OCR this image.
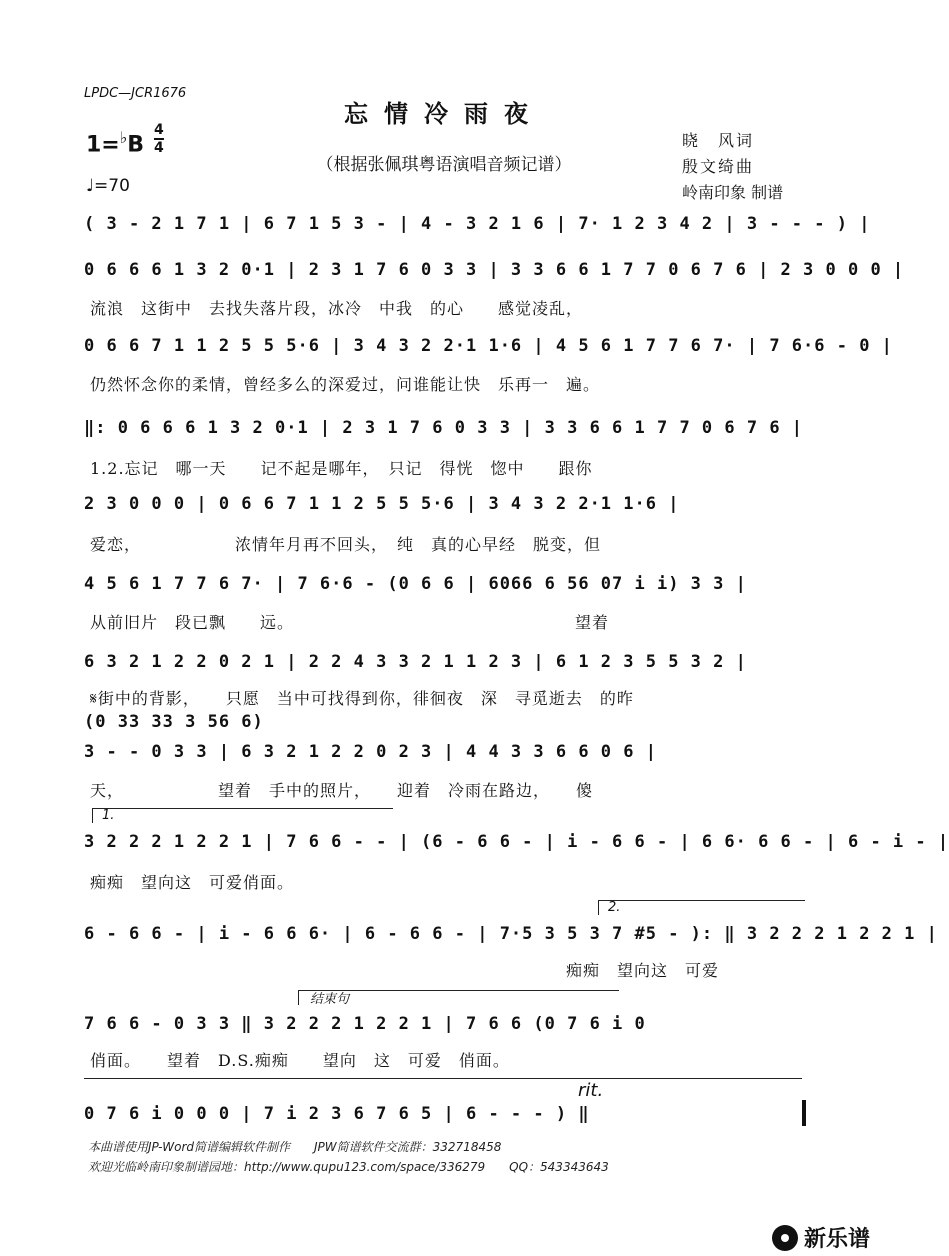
LPDC—JCR1676
忘情冷雨夜
（根据张佩琪粤语演唱音频记谱）
1=♭B
4
4
♩=70
晓　风词
殷文绮曲
岭南印象 制谱
( 3 - 2 1 7 1 | 6 7 1 5 3 - | 4 - 3 2 1 6 | 7· 1 2 3 4 2 | 3 - - - ) |
0 6 6 6 1 3 2 0·1 | 2 3 1 7 6 0 3 3 | 3 3 6 6 1 7 7 0 6 7 6 | 2 3 0 0 0 |
流浪　这街中　去找失落片段，冰冷　中我　的心　　感觉凌乱，
0 6 6 7 1 1 2 5 5 5·6 | 3 4 3 2 2·1 1·6 | 4 5 6 1 7 7 6 7· | 7 6·6 - 0 |
仍然怀念你的柔情，曾经多么的深爱过，问谁能让快　乐再一　遍。
‖: 0 6 6 6 1 3 2 0·1 | 2 3 1 7 6 0 3 3 | 3 3 6 6 1 7 7 0 6 7 6 |
1.2.忘记　哪一天　　记不起是哪年，　只记　得恍　惚中　　跟你
2 3 0 0 0 | 0 6 6 7 1 1 2 5 5 5·6 | 3 4 3 2 2·1 1·6 |
爱恋，　　　　　　浓情年月再不回头，　纯　真的心早经　脱变，但
4 5 6 1 7 7 6 7· | 7 6·6 - (0 6 6 | 6066 6 56 07 i i) 3 3 |
从前旧片　段已飘　　远。　　　　　　　　　　　　　　　　　望着
6 3 2 1 2 2 0 2 1 | 2 2 4 3 3 2 1 1 2 3 | 6 1 2 3 5 5 3 2 |
𝄋街中的背影，　　只愿　当中可找得到你，徘徊夜　深　寻觅逝去　的昨
(0 33 33 3 56 6)
3 - - 0 3 3 | 6 3 2 1 2 2 0 2 3 | 4 4 3 3 6 6 0 6 |
天，　　　　　　望着　手中的照片，　　迎着　冷雨在路边，　　傻
1.
3 2 2 2 1 2 2 1 | 7 6 6 - - | (6 - 6 6 - | i - 6 6 - | 6 6· 6 6 - | 6 - i - |
痴痴　望向这　可爱俏面。
2.
6 - 6 6 - | i - 6 6 6· | 6 - 6 6 - | 7·5 3 5 3 7 #5 - ): ‖ 3 2 2 2 1 2 2 1 |
　　　　　　　　　　　　　　　　　　　　　　　　　　　　痴痴　望向这　可爱
结束句
7 6 6 - 0 3 3 ‖ 3 2 2 2 1 2 2 1 | 7 6 6 (0 7 6 i 0
俏面。　　望着　D.S.痴痴　　望向　这　可爱　俏面。
rit.
0 7 6 i 0 0 0 | 7 i 2 3 6 7 6 5 | 6 - - - ) ‖
本曲谱使用JP-Word简谱编辑软件制作　　JPW简谱软件交流群：332718458
欢迎光临岭南印象制谱园地：http://www.qupu123.com/space/336279　　QQ：543343643
新乐谱
